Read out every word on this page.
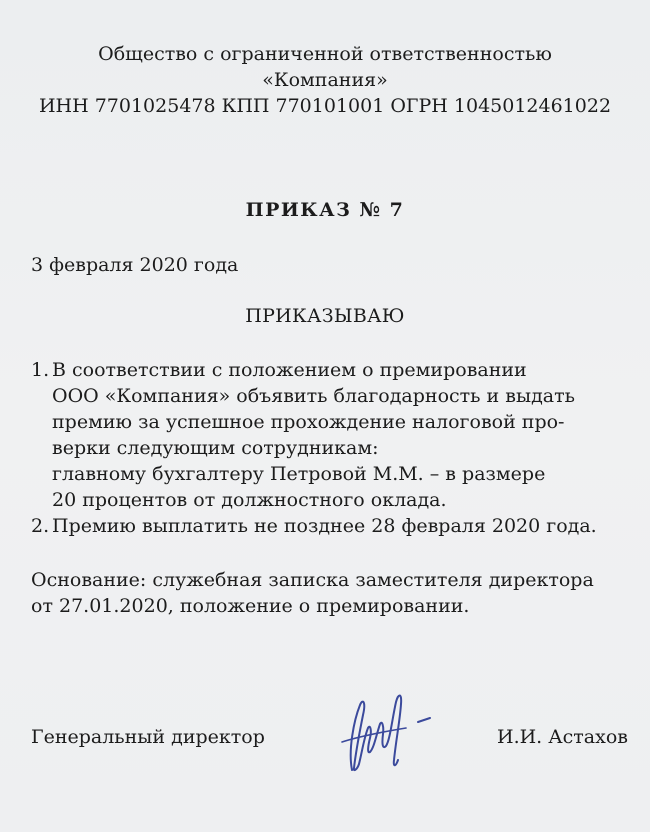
Общество с ограниченной ответственностью
«Компания»
ИНН 7701025478 КПП 770101001 ОГРН 1045012461022
ПРИКАЗ № 7
3 февраля 2020 года
ПРИКАЗЫВАЮ
1. В соответствии с положением о премировании
ООО «Компания» объявить благодарность и выдать
премию за успешное прохождение налоговой про-
верки следующим сотрудникам:
главному бухгалтеру Петровой М.М. – в размере
20 процентов от должностного оклада.
2. Премию выплатить не позднее 28 февраля 2020 года.
Основание: служебная записка заместителя директора
от 27.01.2020, положение о премировании.
Генеральный директор	И.И. Астахов
